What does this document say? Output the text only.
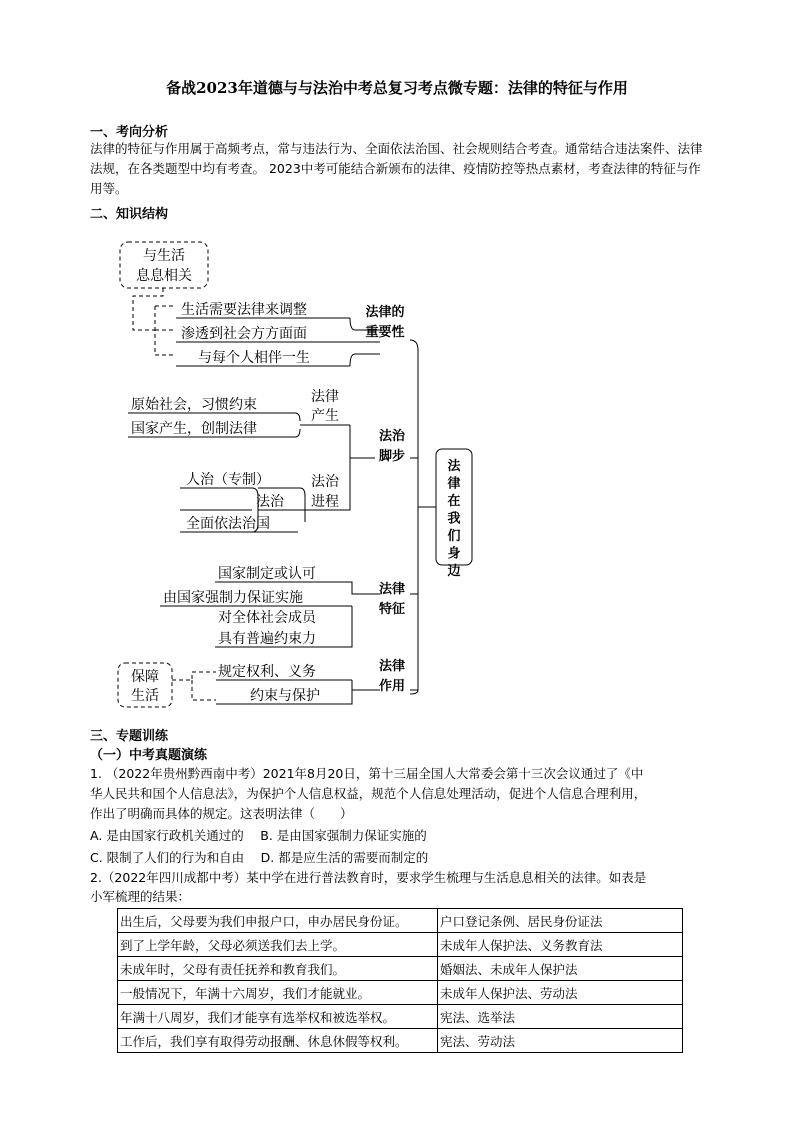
备战2023年道德与与法治中考总复习考点微专题：法律的特征与作用
一、考向分析
法律的特征与作用属于高频考点，常与违法行为、全面依法治国、社会规则结合考查。通常结合违法案件、法律法规，在各类题型中均有考查。 2023中考可能结合新颁布的法律、疫情防控等热点素材，考查法律的特征与作用等。
二、知识结构
与生活
息息相关
生活需要法律来调整
渗透到社会方方面面
与每个人相伴一生
法律的
重要性
原始社会，习惯约束
国家产生，创制法律
法律
产生
法治
脚步
人治（专制）
法治
全面依法治国
法治
进程
国家制定或认可
由国家强制力保证实施
对全体社会成员
具有普遍约束力
法律
特征
保障
生活
规定权利、义务
约束与保护
法律
作用
法律在我们身边
三、专题训练
（一）中考真题演练
1. （2022年贵州黔西南中考）2021年8月20日，第十三届全国人大常委会第十三次会议通过了《中
华人民共和国个人信息法》，为保护个人信息权益，规范个人信息处理活动，促进个人信息合理利用，
作出了明确而具体的规定。这表明法律（　　）
A. 是由国家行政机关通过的　 B. 是由国家强制力保证实施的
C. 限制了人们的行为和自由　 D. 都是应生活的需要而制定的
2.（2022年四川成都中考）某中学在进行普法教育时，要求学生梳理与生活息息相关的法律。如表是
小军梳理的结果：
出生后，父母要为我们申报户口，申办居民身份证。	户口登记条例、居民身份证法
到了上学年龄，父母必须送我们去上学。	未成年人保护法、义务教育法
未成年时，父母有责任抚养和教育我们。	婚姻法、未成年人保护法
一般情况下，年满十六周岁，我们才能就业。	未成年人保护法、劳动法
年满十八周岁，我们才能享有选举权和被选举权。	宪法、选举法
工作后，我们享有取得劳动报酬、休息休假等权利。	宪法、劳动法
